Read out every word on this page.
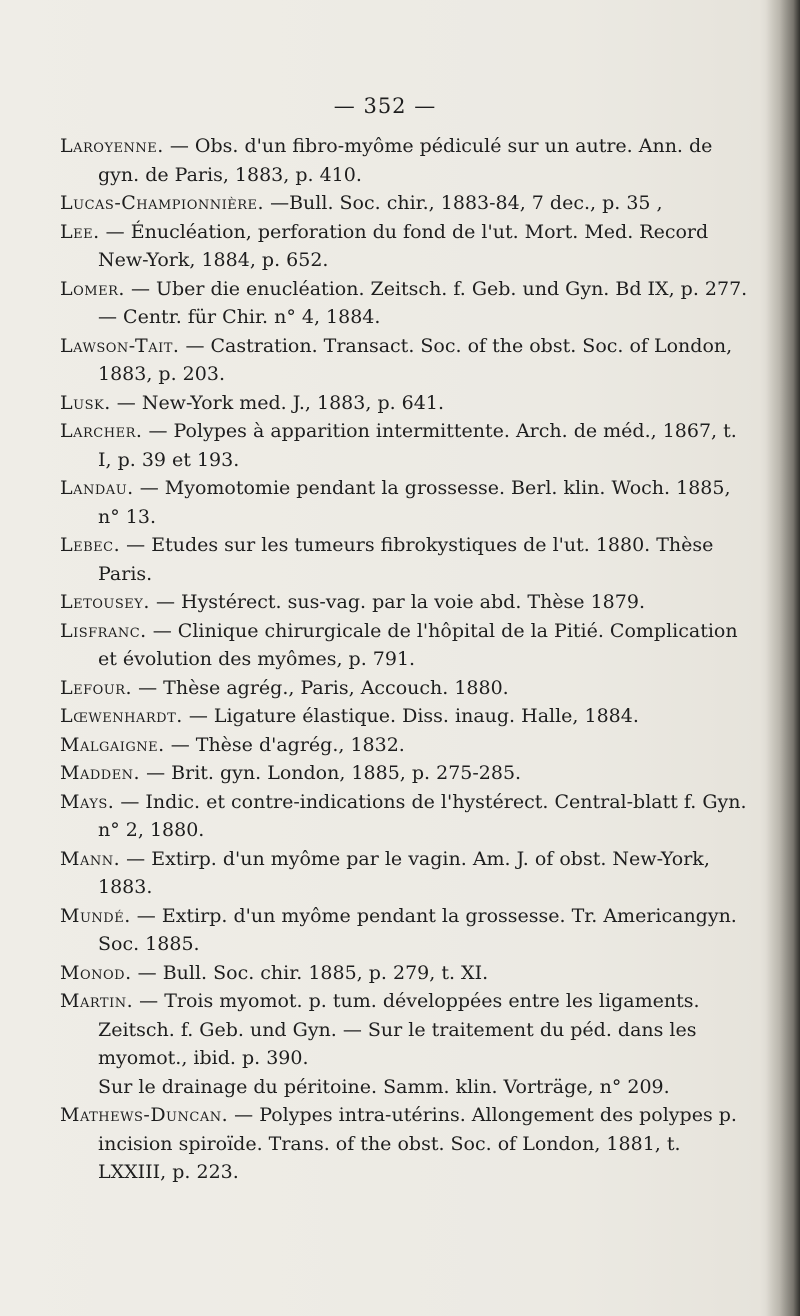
— 352 —

Laroyenne. — Obs. d'un fibro-myôme pédiculé sur un autre. Ann. de gyn. de Paris, 1883, p. 410.

Lucas-Championnière. —Bull. Soc. chir., 1883-84, 7 dec., p. 35 ,

Lee. — Énucléation, perforation du fond de l'ut. Mort. Med. Record New-York, 1884, p. 652.

Lomer. — Uber die enucléation. Zeitsch. f. Geb. und Gyn. Bd IX, p. 277. — Centr. für Chir. n° 4, 1884.

Lawson-Tait. — Castration. Transact. Soc. of the obst. Soc. of London, 1883, p. 203.

Lusk. — New-York med. J., 1883, p. 641.

Larcher. — Polypes à apparition intermittente. Arch. de méd., 1867, t. I, p. 39 et 193.

Landau. — Myomotomie pendant la grossesse. Berl. klin. Woch. 1885, n° 13.

Lebec. — Etudes sur les tumeurs fibrokystiques de l'ut. 1880. Thèse Paris.

Letousey. — Hystérect. sus-vag. par la voie abd. Thèse 1879.

Lisfranc. — Clinique chirurgicale de l'hôpital de la Pitié. Complication et évolution des myômes, p. 791.

Lefour. — Thèse agrég., Paris, Accouch. 1880.

Lœwenhardt. — Ligature élastique. Diss. inaug. Halle, 1884.

Malgaigne. — Thèse d'agrég., 1832.

Madden. — Brit. gyn. London, 1885, p. 275-285.

Mays. — Indic. et contre-indications de l'hystérect. Central-blatt f. Gyn. n° 2, 1880.

Mann. — Extirp. d'un myôme par le vagin. Am. J. of obst. New-York, 1883.

Mundé. — Extirp. d'un myôme pendant la grossesse. Tr. Americangyn. Soc. 1885.

Monod. — Bull. Soc. chir. 1885, p. 279, t. XI.

Martin. — Trois myomot. p. tum. développées entre les ligaments. Zeitsch. f. Geb. und Gyn. — Sur le traitement du péd. dans les myomot., ibid. p. 390.
Sur le drainage du péritoine. Samm. klin. Vorträge, n° 209.

Mathews-Duncan. — Polypes intra-utérins. Allongement des polypes p. incision spiroïde. Trans. of the obst. Soc. of London, 1881, t. LXXIII, p. 223.
